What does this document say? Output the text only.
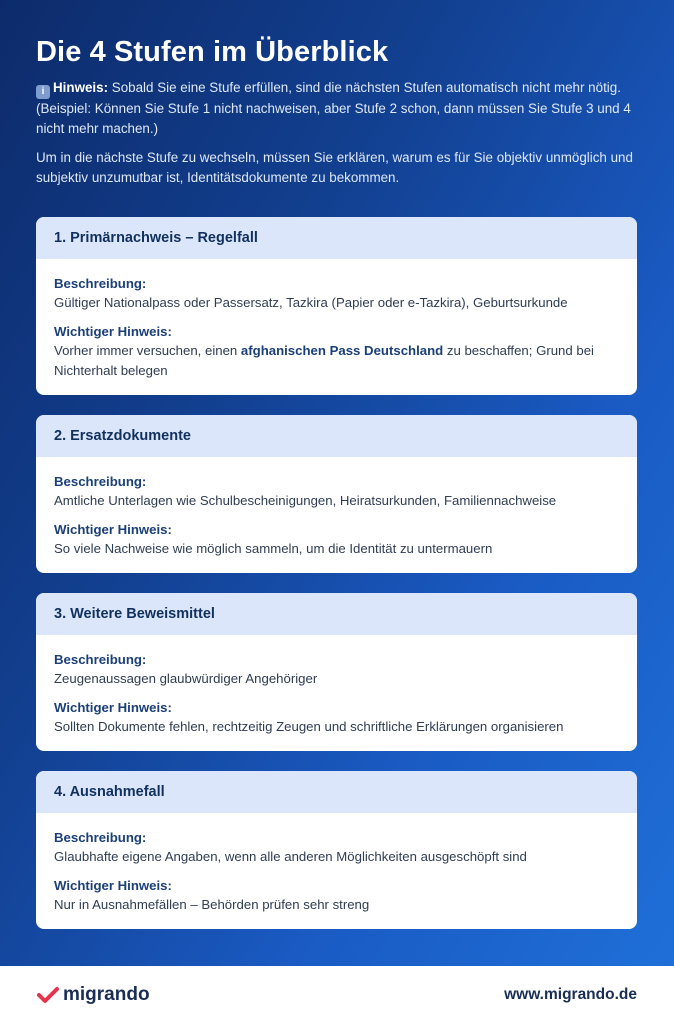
Die 4 Stufen im Überblick

i Hinweis: Sobald Sie eine Stufe erfüllen, sind die nächsten Stufen automatisch nicht mehr nötig. (Beispiel: Können Sie Stufe 1 nicht nachweisen, aber Stufe 2 schon, dann müssen Sie Stufe 3 und 4 nicht mehr machen.)

Um in die nächste Stufe zu wechseln, müssen Sie erklären, warum es für Sie objektiv unmöglich und subjektiv unzumutbar ist, Identitätsdokumente zu bekommen.

1. Primärnachweis – Regelfall
Beschreibung:
Gültiger Nationalpass oder Passersatz, Tazkira (Papier oder e-Tazkira), Geburtsurkunde
Wichtiger Hinweis:
Vorher immer versuchen, einen afghanischen Pass Deutschland zu beschaffen; Grund bei Nichterhalt belegen
2. Ersatzdokumente
Beschreibung:
Amtliche Unterlagen wie Schulbescheinigungen, Heiratsurkunden, Familiennachweise
Wichtiger Hinweis:
So viele Nachweise wie möglich sammeln, um die Identität zu untermauern
3. Weitere Beweismittel
Beschreibung:
Zeugenaussagen glaubwürdiger Angehöriger
Wichtiger Hinweis:
Sollten Dokumente fehlen, rechtzeitig Zeugen und schriftliche Erklärungen organisieren
4. Ausnahmefall
Beschreibung:
Glaubhafte eigene Angaben, wenn alle anderen Möglichkeiten ausgeschöpft sind
Wichtiger Hinweis:
Nur in Ausnahmefällen – Behörden prüfen sehr streng
migrando	www.migrando.de
